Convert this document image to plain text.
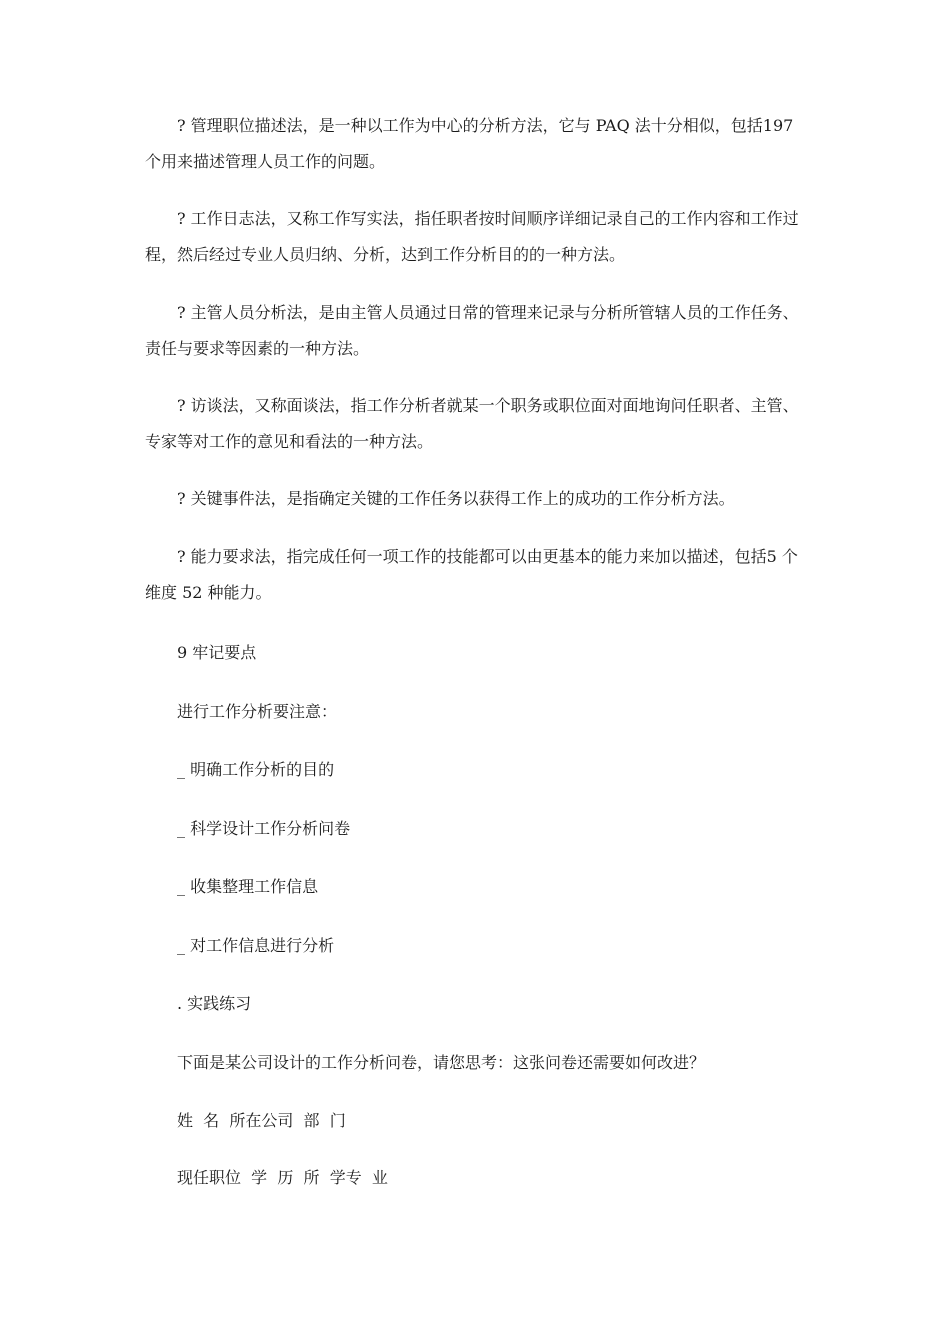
? 管理职位描述法，是一种以工作为中心的分析方法，它与 PAQ 法十分相似，包括197 个用来描述管理人员工作的问题。

? 工作日志法，又称工作写实法，指任职者按时间顺序详细记录自己的工作内容和工作过程，然后经过专业人员归纳、分析，达到工作分析目的的一种方法。

? 主管人员分析法，是由主管人员通过日常的管理来记录与分析所管辖人员的工作任务、责任与要求等因素的一种方法。

? 访谈法，又称面谈法，指工作分析者就某一个职务或职位面对面地询问任职者、主管、专家等对工作的意见和看法的一种方法。

? 关键事件法，是指确定关键的工作任务以获得工作上的成功的工作分析方法。

? 能力要求法，指完成任何一项工作的技能都可以由更基本的能力来加以描述，包括5 个维度 52 种能力。

9 牢记要点
进行工作分析要注意：
_ 明确工作分析的目的
_ 科学设计工作分析问卷
_ 收集整理工作信息
_ 对工作信息进行分析
. 实践练习
下面是某公司设计的工作分析问卷，请您思考：这张问卷还需要如何改进？
姓  名  所在公司  部  门
现任职位  学  历  所  学专  业
